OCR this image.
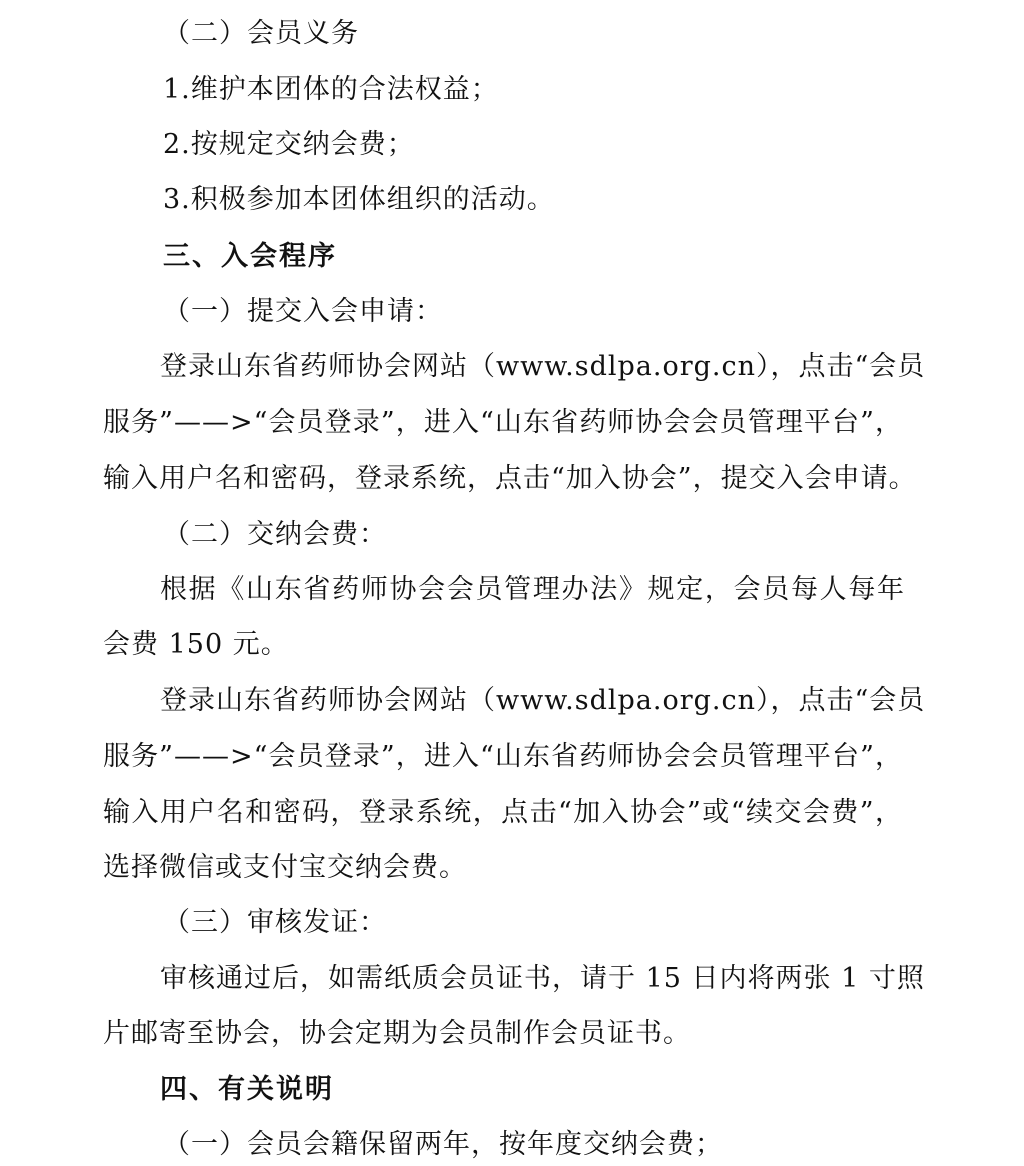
（二）会员义务
1.维护本团体的合法权益；
2.按规定交纳会费；
3.积极参加本团体组织的活动。
三、入会程序
（一）提交入会申请：
登录山东省药师协会网站（www.sdlpa.org.cn），点击“会员
服务”——>“会员登录”，进入“山东省药师协会会员管理平台”，
输入用户名和密码，登录系统，点击“加入协会”，提交入会申请。
（二）交纳会费：
根据《山东省药师协会会员管理办法》规定，会员每人每年
会费 150 元。
登录山东省药师协会网站（www.sdlpa.org.cn），点击“会员
服务”——>“会员登录”，进入“山东省药师协会会员管理平台”，
输入用户名和密码，登录系统，点击“加入协会”或“续交会费”，
选择微信或支付宝交纳会费。
（三）审核发证：
审核通过后，如需纸质会员证书，请于 15 日内将两张 1 寸照
片邮寄至协会，协会定期为会员制作会员证书。
四、有关说明
（一）会员会籍保留两年，按年度交纳会费；
